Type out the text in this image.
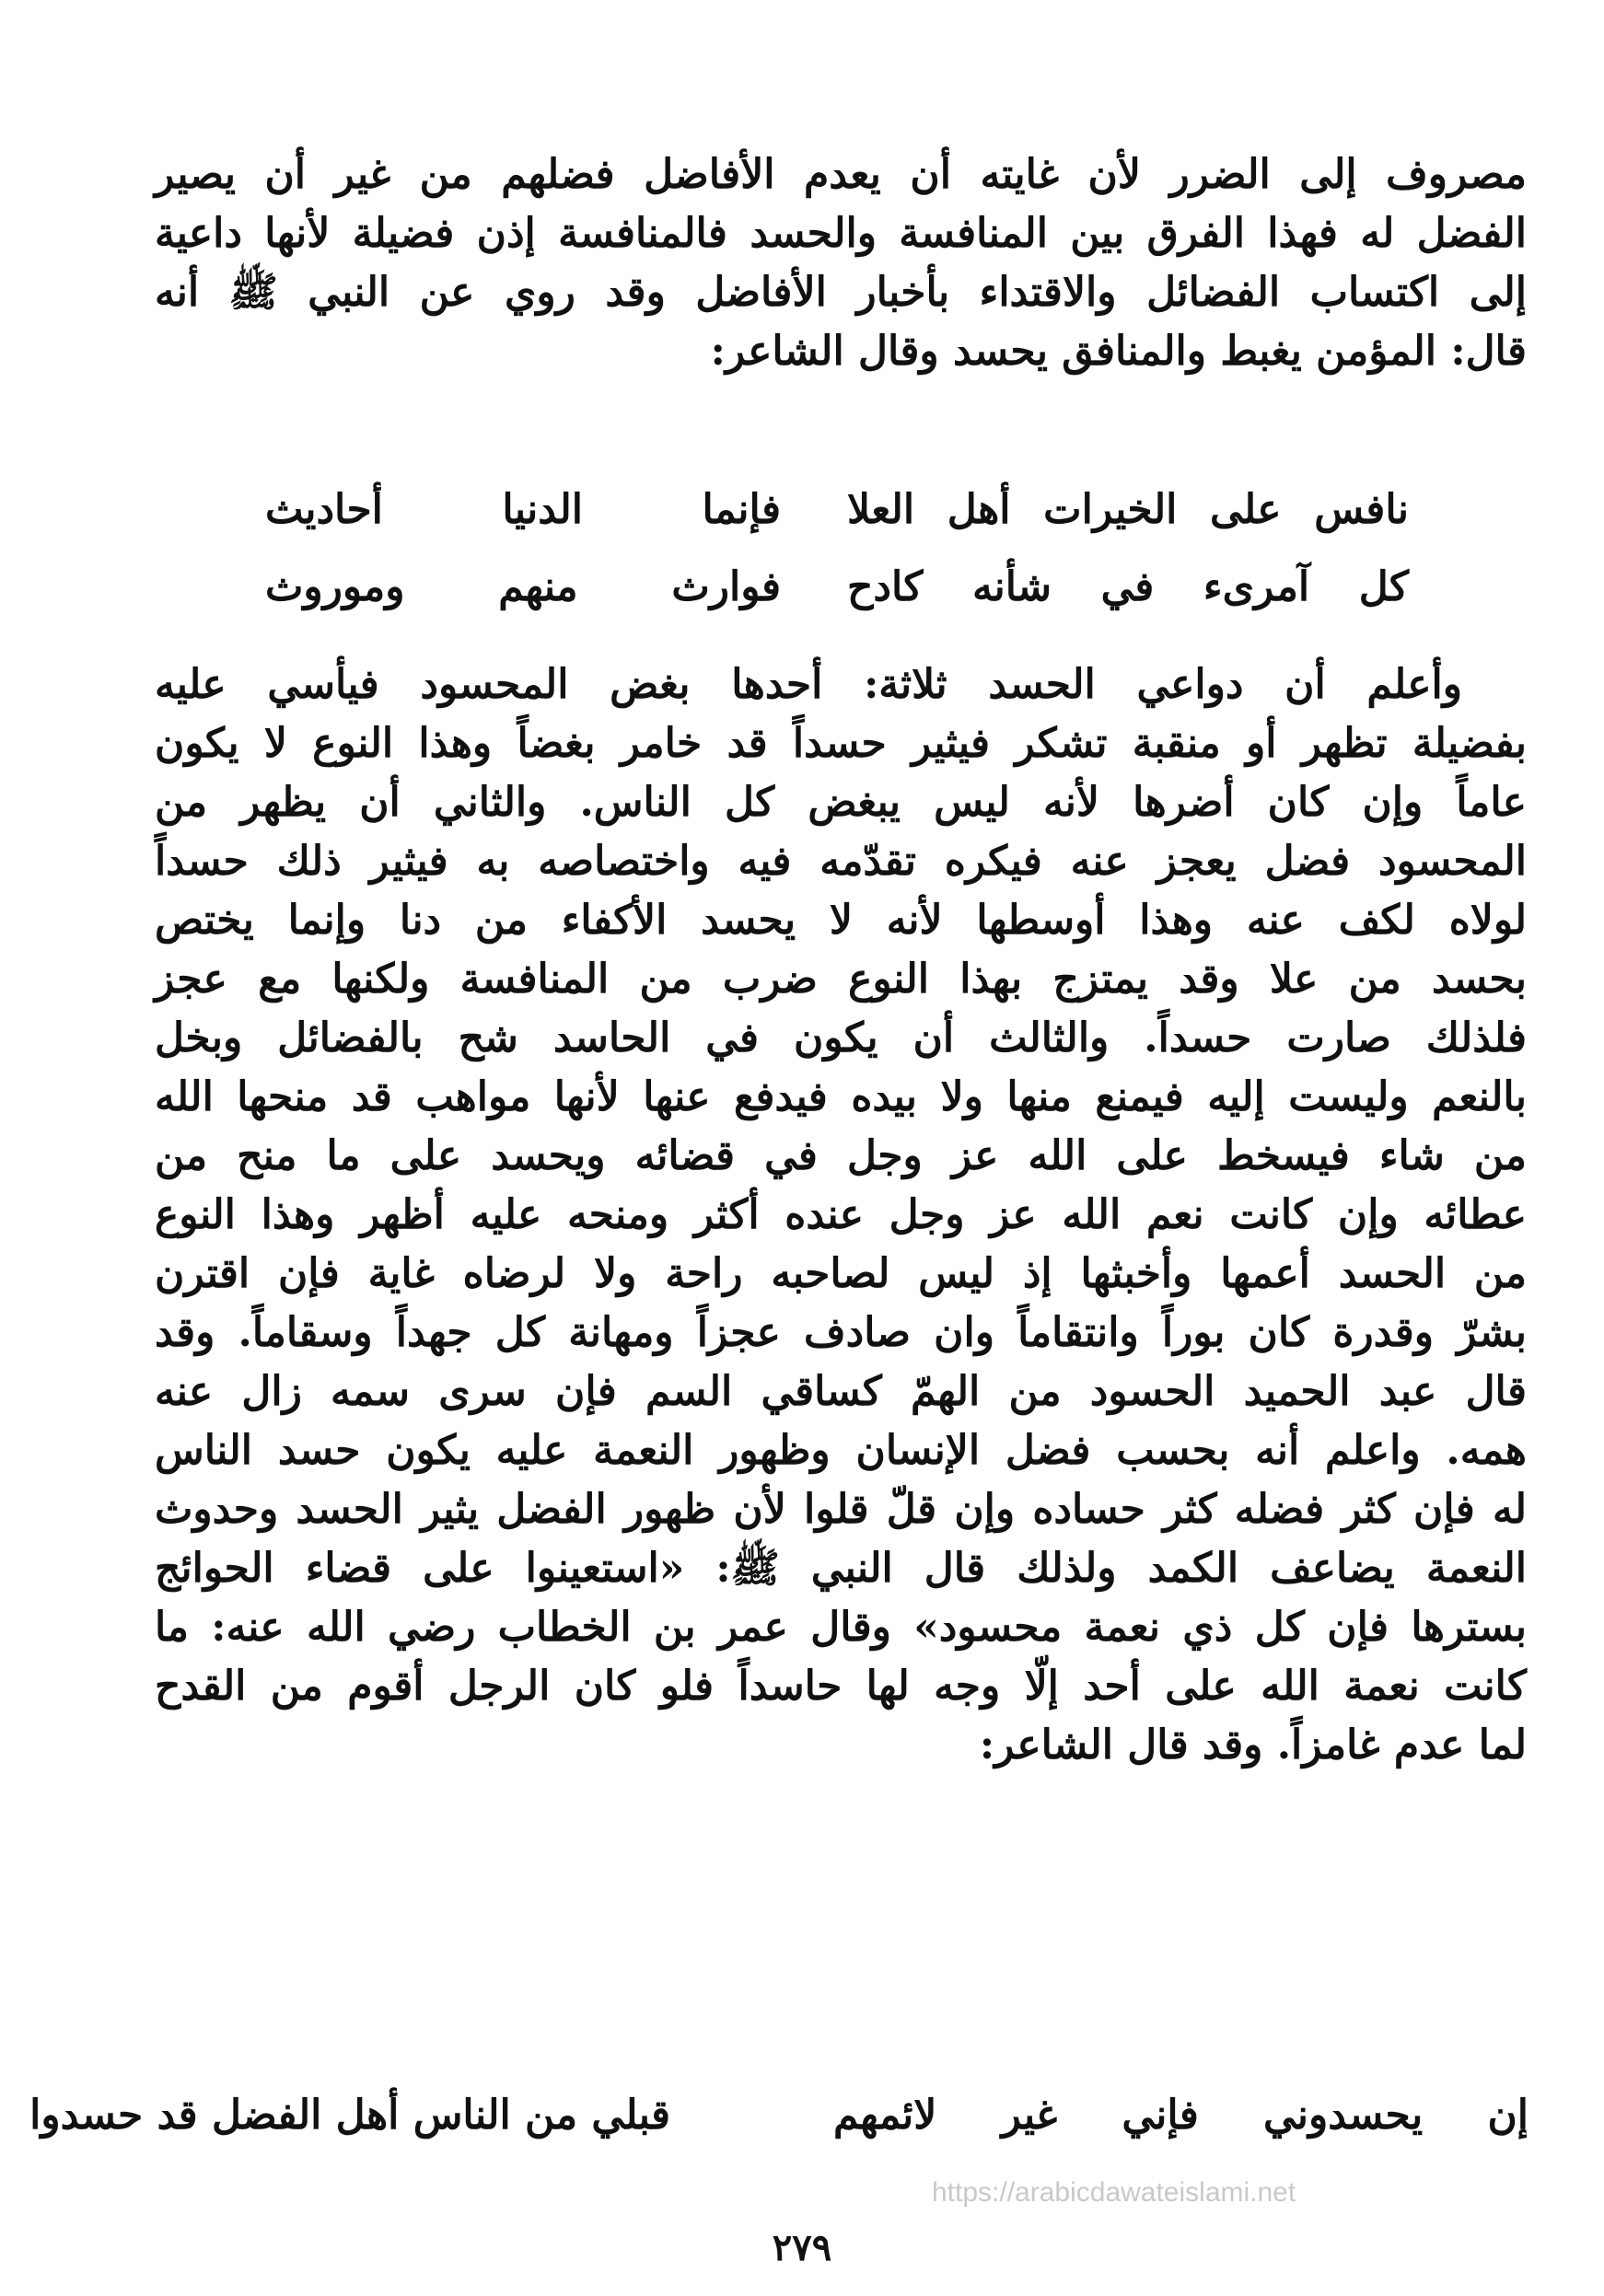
مصروف إلى الضرر لأن غايته أن يعدم الأفاضل فضلهم من غير أن يصير
الفضل له فهذا الفرق بين المنافسة والحسد فالمنافسة إذن فضيلة لأنها داعية
إلى اكتساب الفضائل والاقتداء بأخبار الأفاضل وقد روي عن النبي ﷺ أنه
قال: المؤمن يغبط والمنافق يحسد وقال الشاعر:
نافس على الخيرات أهل العلا
فإنما الدنيا أحاديث
كل آمرىء في شأنه كادح
فوارث منهم وموروث
وأعلم أن دواعي الحسد ثلاثة: أحدها بغض المحسود فيأسي عليه
بفضيلة تظهر أو منقبة تشكر فيثير حسداً قد خامر بغضاً وهذا النوع لا يكون
عاماً وإن كان أضرها لأنه ليس يبغض كل الناس. والثاني أن يظهر من
المحسود فضل يعجز عنه فيكره تقدّمه فيه واختصاصه به فيثير ذلك حسداً
لولاه لكف عنه وهذا أوسطها لأنه لا يحسد الأكفاء من دنا وإنما يختص
بحسد من علا وقد يمتزج بهذا النوع ضرب من المنافسة ولكنها مع عجز
فلذلك صارت حسداً. والثالث أن يكون في الحاسد شح بالفضائل وبخل
بالنعم وليست إليه فيمنع منها ولا بيده فيدفع عنها لأنها مواهب قد منحها الله
من شاء فيسخط على الله عز وجل في قضائه ويحسد على ما منح من
عطائه وإن كانت نعم الله عز وجل عنده أكثر ومنحه عليه أظهر وهذا النوع
من الحسد أعمها وأخبثها إذ ليس لصاحبه راحة ولا لرضاه غاية فإن اقترن
بشرّ وقدرة كان بوراً وانتقاماً وان صادف عجزاً ومهانة كل جهداً وسقاماً. وقد
قال عبد الحميد الحسود من الهمّ كساقي السم فإن سرى سمه زال عنه
همه. واعلم أنه بحسب فضل الإنسان وظهور النعمة عليه يكون حسد الناس
له فإن كثر فضله كثر حساده وإن قلّ قلوا لأن ظهور الفضل يثير الحسد وحدوث
النعمة يضاعف الكمد ولذلك قال النبي ﷺ: «استعينوا على قضاء الحوائج
بسترها فإن كل ذي نعمة محسود» وقال عمر بن الخطاب رضي الله عنه: ما
كانت نعمة الله على أحد إلّا وجه لها حاسداً فلو كان الرجل أقوم من القدح
لما عدم غامزاً. وقد قال الشاعر:
إن يحسدوني فإني غير لائمهم
قبلي من الناس أهل الفضل قد حسدوا
https://arabicdawateislami.net
٢٧٩
